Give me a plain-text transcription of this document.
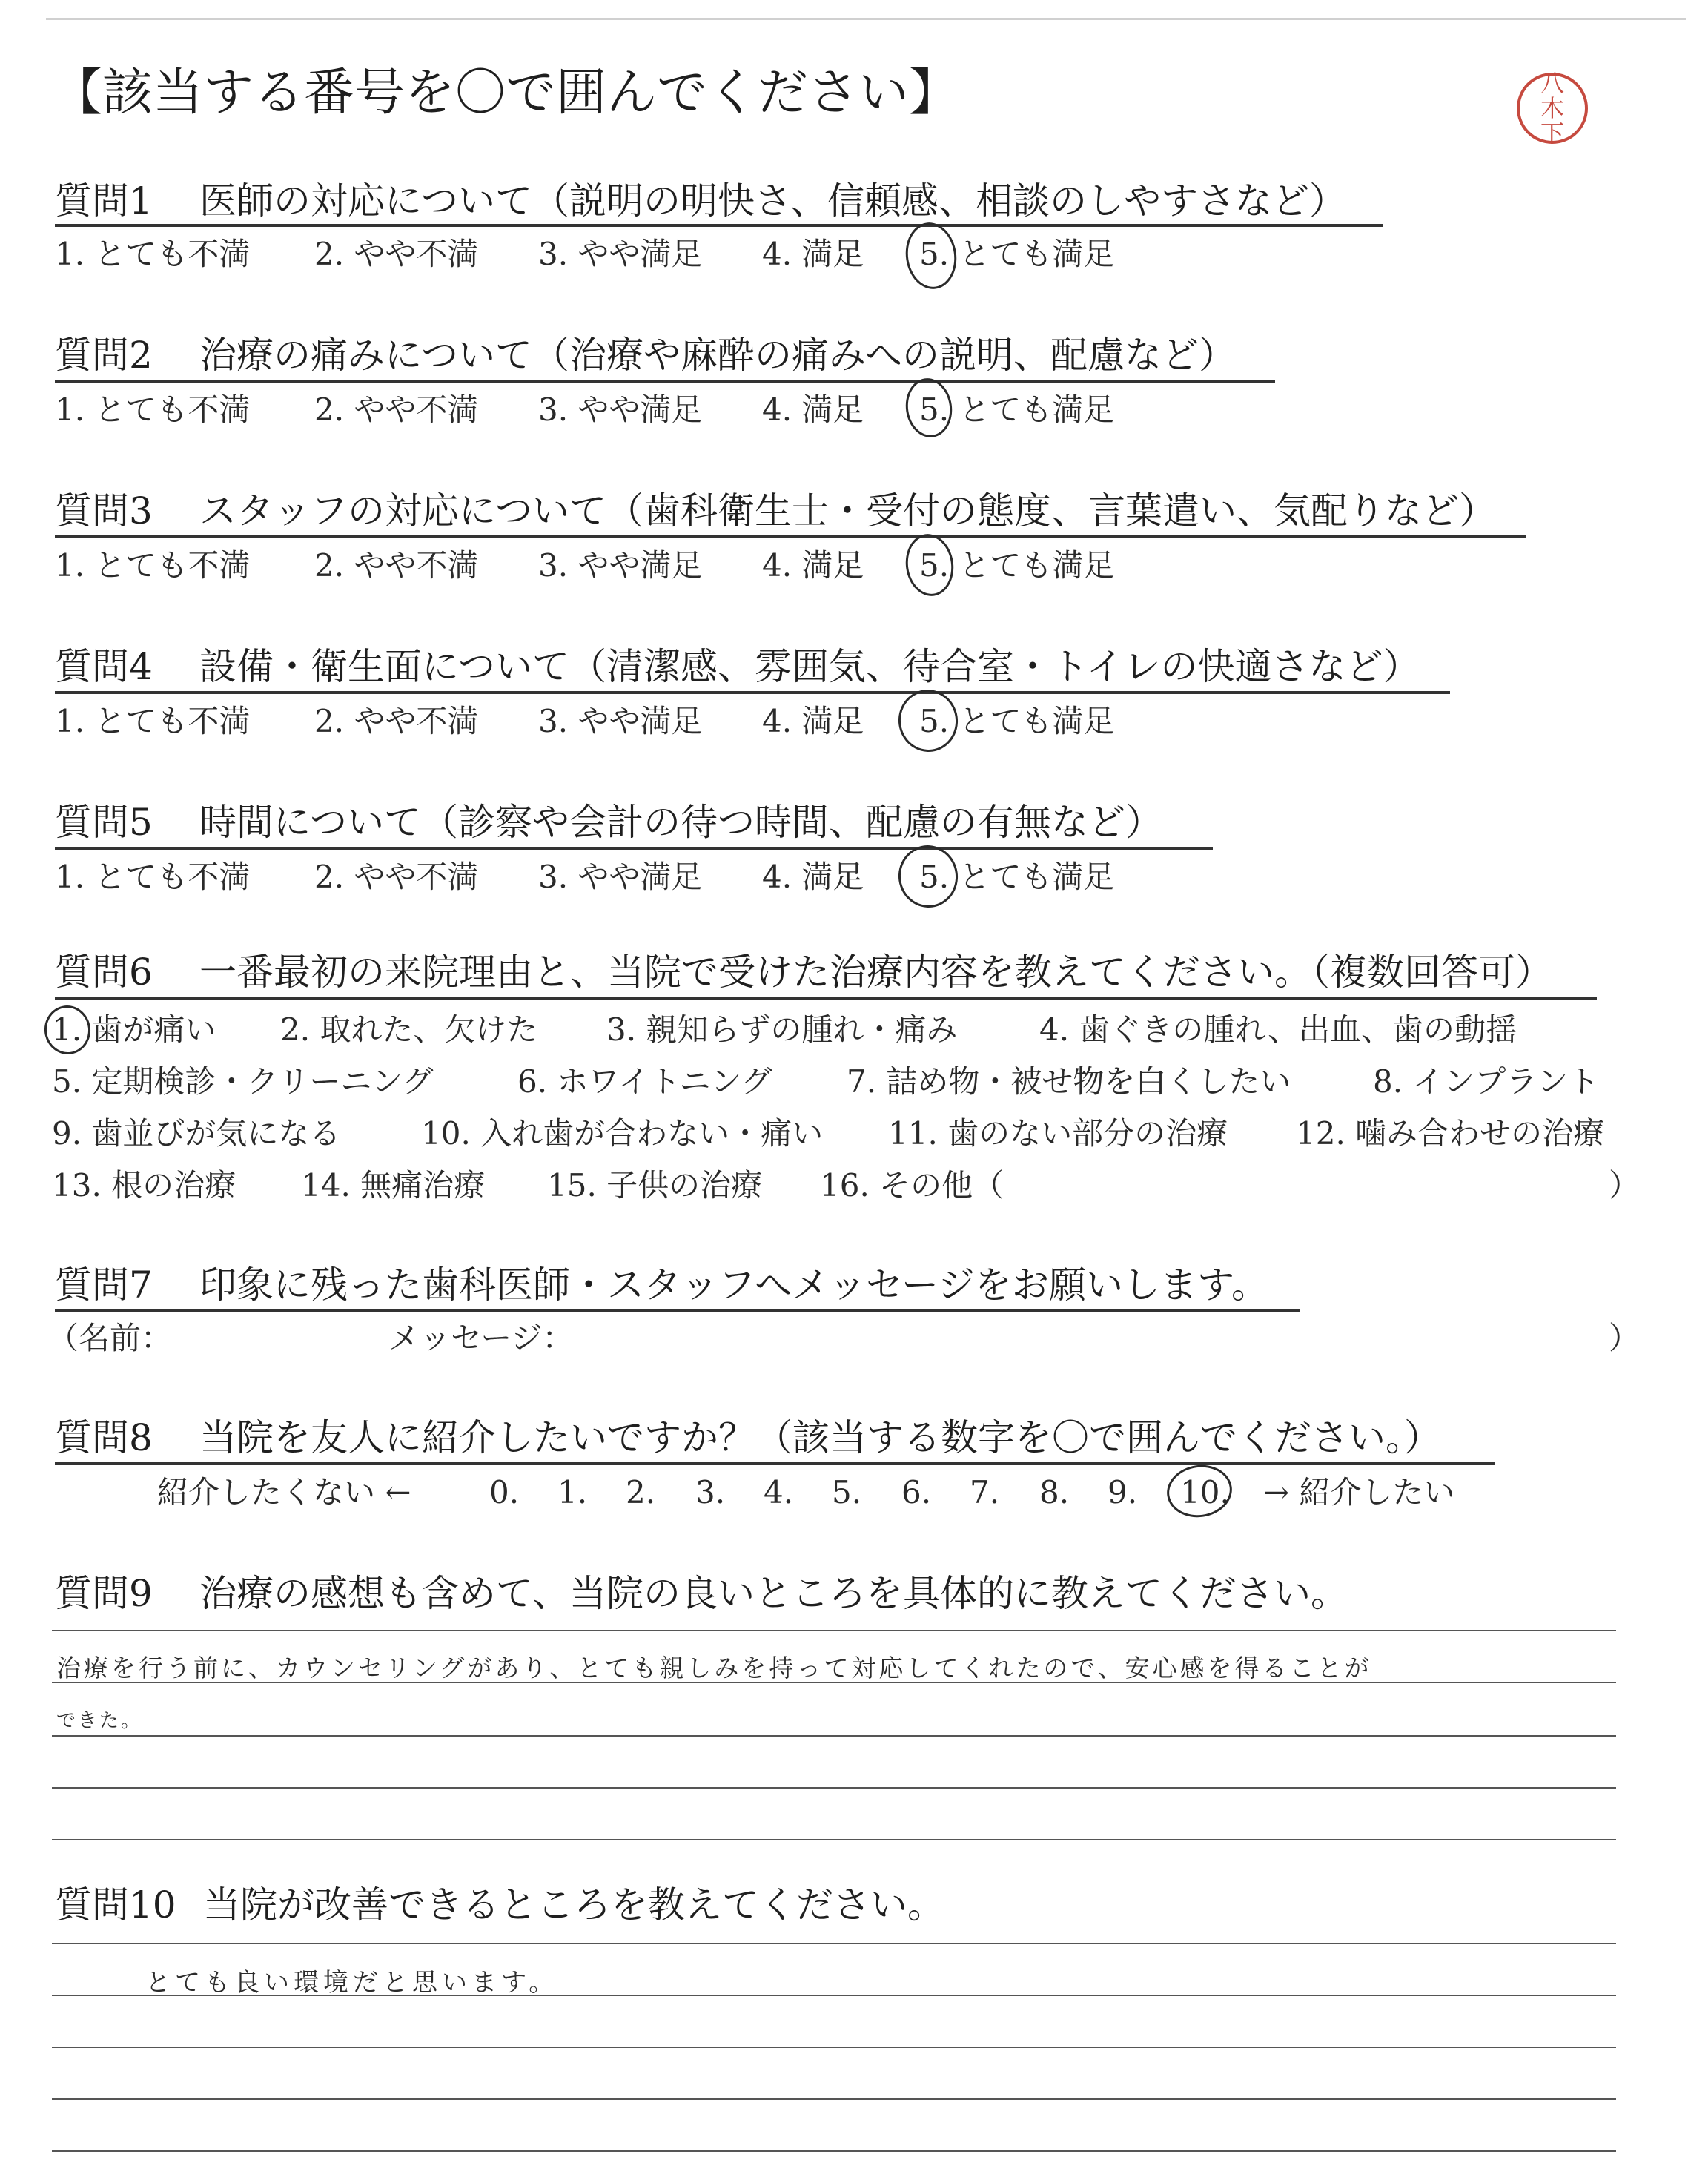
【該当する番号を〇で囲んでください】	八
木
下
質問1 医師の対応について（説明の明快さ、信頼感、相談のしやすさなど）
1. とても不満 2. やや不満 3. やや満足 4. 満足 5. とても満足
質問2 治療の痛みについて（治療や麻酔の痛みへの説明、配慮など）
1. とても不満 2. やや不満 3. やや満足 4. 満足 5. とても満足
質問3 スタッフの対応について（歯科衛生士・受付の態度、言葉遣い、気配りなど）
1. とても不満 2. やや不満 3. やや満足 4. 満足 5. とても満足
質問4 設備・衛生面について（清潔感、雰囲気、待合室・トイレの快適さなど）
1. とても不満 2. やや不満 3. やや満足 4. 満足 5. とても満足
質問5 時間について（診察や会計の待つ時間、配慮の有無など）
1. とても不満 2. やや不満 3. やや満足 4. 満足 5. とても満足
質問6 一番最初の来院理由と、当院で受けた治療内容を教えてください。（複数回答可）
1. 歯が痛い 2. 取れた、欠けた 3. 親知らずの腫れ・痛み	4. 歯ぐきの腫れ、出血、歯の動揺
5. 定期検診・クリーニング	6. ホワイトニング 7. 詰め物・被せ物を白くしたい	8. インプラント
9. 歯並びが気になる	10. 入れ歯が合わない・痛い 11. 歯のない部分の治療 12. 噛み合わせの治療
13. 根の治療 14. 無痛治療 15. 子供の治療 16. その他（	）
質問7 印象に残った歯科医師・スタッフへメッセージをお願いします。
（名前：	メッセージ：	）
質問8 当院を友人に紹介したいですか？（該当する数字を〇で囲んでください。）
紹介したくない ←	0. 1. 2. 3. 4. 5. 6. 7. 8. 9. 10. → 紹介したい
質問9 治療の感想も含めて、当院の良いところを具体的に教えてください。
治療を行う前に、カウンセリングがあり、とても親しみを持って対応してくれたので、安心感を得ることが
できた。
質問10 当院が改善できるところを教えてください。
とても良い環境だと思います。
